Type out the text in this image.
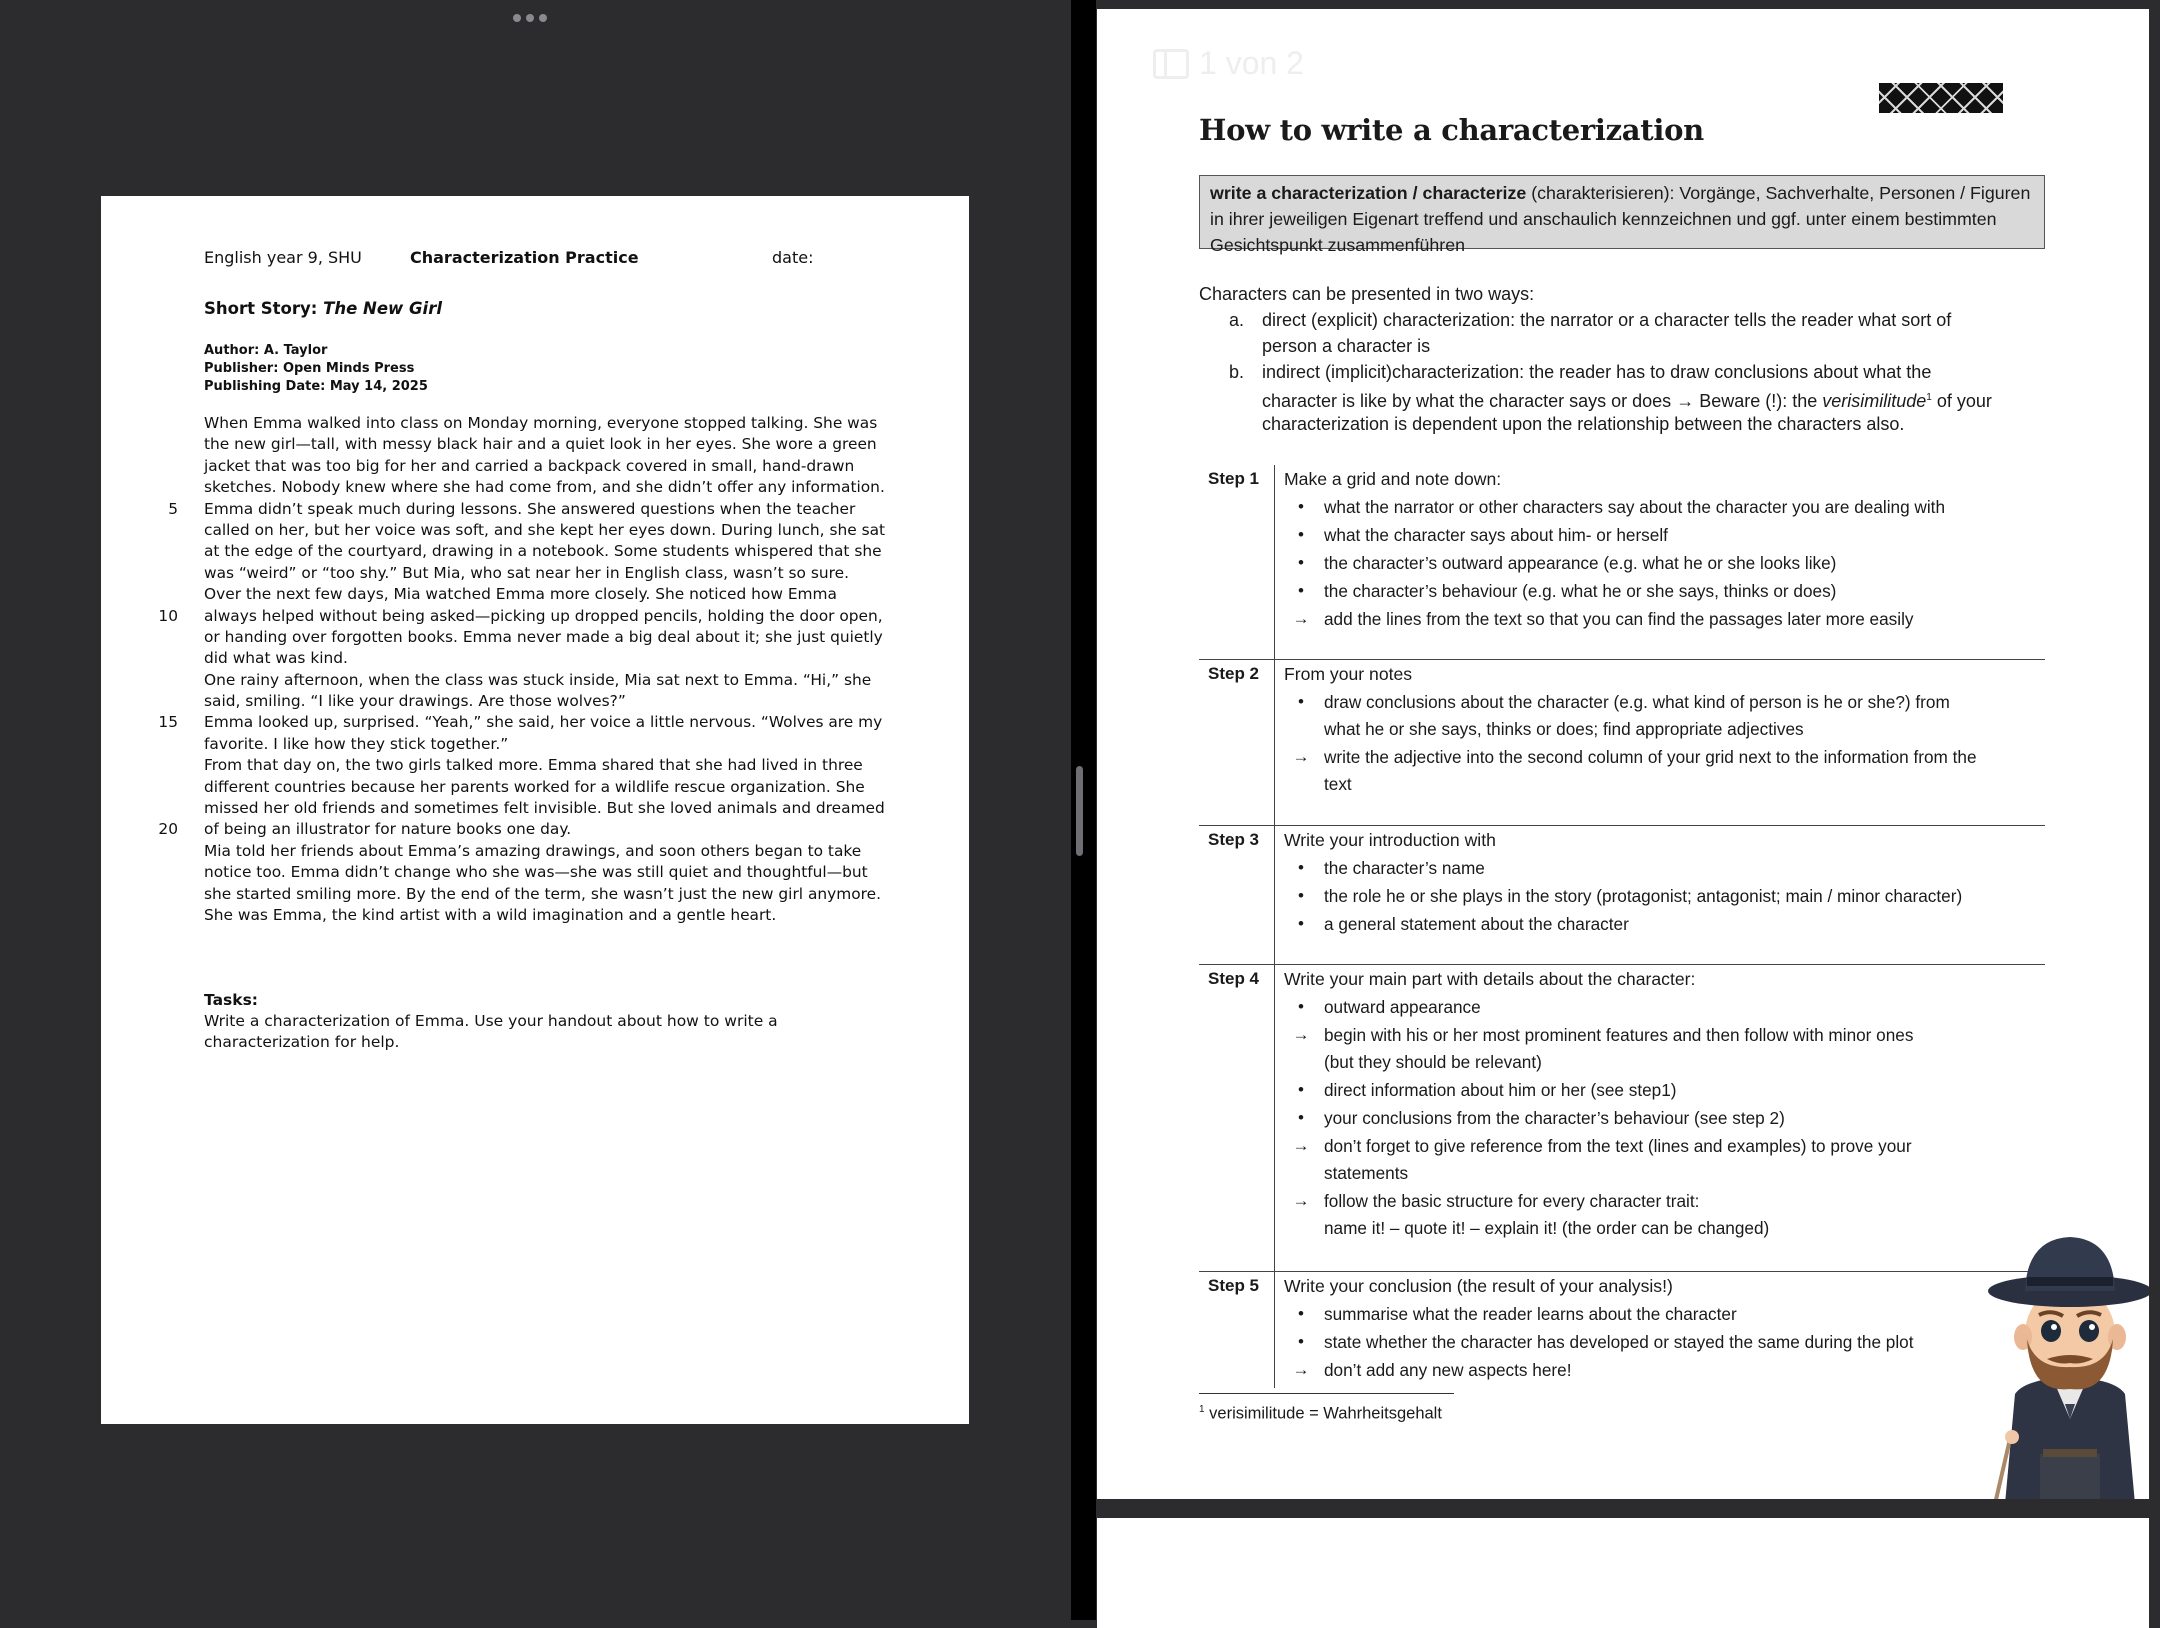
English year 9, SHU	Characterization Practice	date:
Short Story: The New Girl
Author: A. Taylor
Publisher: Open Minds Press
Publishing Date: May 14, 2025
When Emma walked into class on Monday morning, everyone stopped talking. She was
the new girl—tall, with messy black hair and a quiet look in her eyes. She wore a green
jacket that was too big for her and carried a backpack covered in small, hand-drawn
sketches. Nobody knew where she had come from, and she didn’t offer any information.
5 Emma didn’t speak much during lessons. She answered questions when the teacher
called on her, but her voice was soft, and she kept her eyes down. During lunch, she sat
at the edge of the courtyard, drawing in a notebook. Some students whispered that she
was “weird” or “too shy.” But Mia, who sat near her in English class, wasn’t so sure.
Over the next few days, Mia watched Emma more closely. She noticed how Emma
10 always helped without being asked—picking up dropped pencils, holding the door open,
or handing over forgotten books. Emma never made a big deal about it; she just quietly
did what was kind.
One rainy afternoon, when the class was stuck inside, Mia sat next to Emma. “Hi,” she
said, smiling. “I like your drawings. Are those wolves?”
15 Emma looked up, surprised. “Yeah,” she said, her voice a little nervous. “Wolves are my
favorite. I like how they stick together.”
From that day on, the two girls talked more. Emma shared that she had lived in three
different countries because her parents worked for a wildlife rescue organization. She
missed her old friends and sometimes felt invisible. But she loved animals and dreamed
20 of being an illustrator for nature books one day.
Mia told her friends about Emma’s amazing drawings, and soon others began to take
notice too. Emma didn’t change who she was—she was still quiet and thoughtful—but
she started smiling more. By the end of the term, she wasn’t just the new girl anymore.
She was Emma, the kind artist with a wild imagination and a gentle heart.
Tasks:
Write a characterization of Emma. Use your handout about how to write a
characterization for help.
1 von 2
How to write a characterization
write a characterization / characterize (charakterisieren): Vorgänge, Sachverhalte, Personen / Figuren in ihrer jeweiligen Eigenart treffend und anschaulich kennzeichnen und ggf. unter einem bestimmten Gesichtspunkt zusammenführen
Characters can be presented in two ways:
a. direct (explicit) characterization: the narrator or a character tells the reader what sort of
person a character is
b. indirect (implicit)characterization: the reader has to draw conclusions about what the
character is like by what the character says or does → Beware (!): the verisimilitude$^1$ of your
characterization is dependent upon the relationship between the characters also.
Step 1 Make a grid and note down:
•	what the narrator or other characters say about the character you are dealing with
•	what the character says about him- or herself
•	the character’s outward appearance (e.g. what he or she looks like)
•	the character’s behaviour (e.g. what he or she says, thinks or does)
→ add the lines from the text so that you can find the passages later more easily
Step 2 From your notes
•	draw conclusions about the character (e.g. what kind of person is he or she?) from
what he or she says, thinks or does; find appropriate adjectives
→ write the adjective into the second column of your grid next to the information from the
text
Step 3 Write your introduction with
•	the character’s name
•	the role he or she plays in the story (protagonist; antagonist; main / minor character)
•	a general statement about the character
Step 4 Write your main part with details about the character:
•	outward appearance
→ begin with his or her most prominent features and then follow with minor ones
(but they should be relevant)
•	direct information about him or her (see step1)
•	your conclusions from the character’s behaviour (see step 2)
→ don’t forget to give reference from the text (lines and examples) to prove your
statements
→ follow the basic structure for every character trait:
name it! – quote it! – explain it! (the order can be changed)
Step 5 Write your conclusion (the result of your analysis!)
•	summarise what the reader learns about the character
•	state whether the character has developed or stayed the same during the plot
→ don’t add any new aspects here!
$^1$ verisimilitude = Wahrheitsgehalt
